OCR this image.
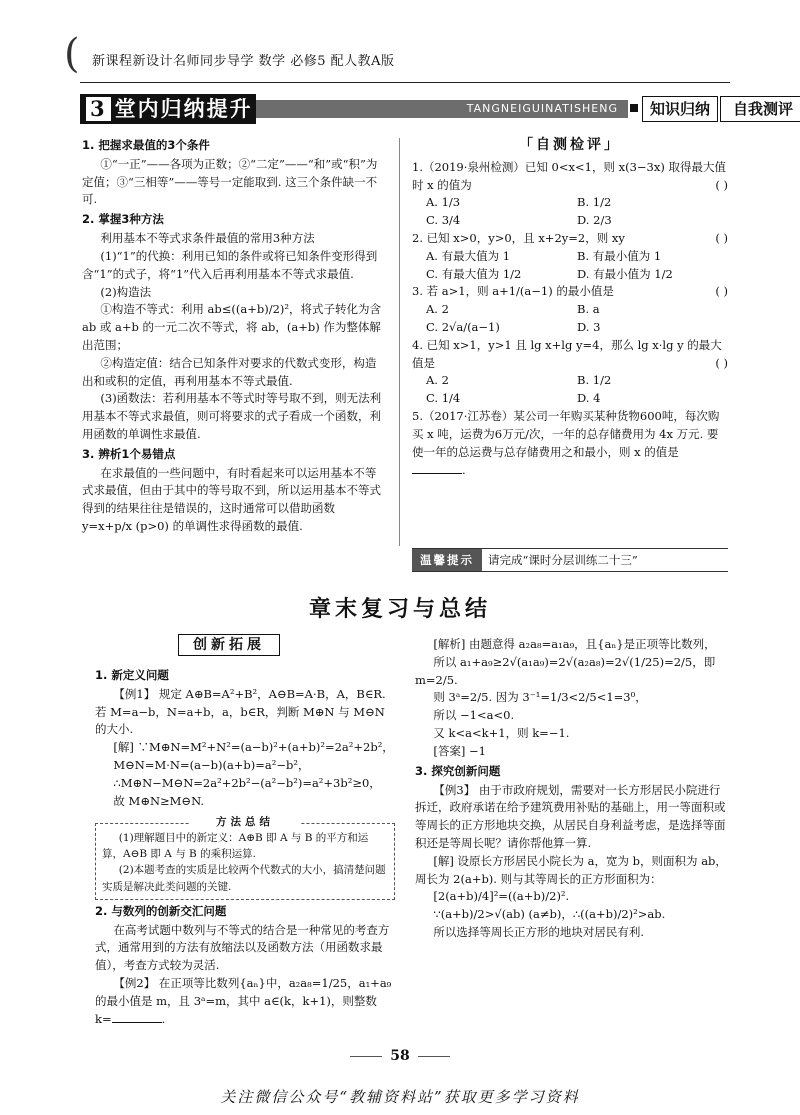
( 新课程新设计名师同步导学 数学 必修5 配人教A版
3 堂内归纳提升	TANGNEIGUINATISHENG	知识归纳	自我测评
1. 把握求最值的3个条件

①“一正”——各项为正数；②“二定”——“和”或“积”为定值；③“三相等”——等号一定能取到. 这三个条件缺一不可.

2. 掌握3种方法

利用基本不等式求条件最值的常用3种方法

(1)“1”的代换：利用已知的条件或将已知条件变形得到含“1”的式子，将“1”代入后再利用基本不等式求最值.

(2)构造法

①构造不等式：利用 ab≤((a+b)/2)²，将式子转化为含 ab 或 a+b 的一元二次不等式，将 ab，(a+b) 作为整体解出范围；

②构造定值：结合已知条件对要求的代数式变形，构造出和或积的定值，再利用基本不等式最值.

(3)函数法：若利用基本不等式时等号取不到，则无法利用基本不等式求最值，则可将要求的式子看成一个函数，利用函数的单调性求最值.

3. 辨析1个易错点

在求最值的一些问题中，有时看起来可以运用基本不等式求最值，但由于其中的等号取不到，所以运用基本不等式得到的结果往往是错误的，这时通常可以借助函数 y=x+p/x (p>0) 的单调性求得函数的最值.

「自测检评」

1.（2019·泉州检测）已知 0<x<1，则 x(3−3x) 取得最大值时 x 的值为	( )

A. 1/3	B. 1/2
C. 3/4	D. 2/3

2. 已知 x>0，y>0，且 x+2y=2，则 xy	( )

A. 有最大值为 1	B. 有最小值为 1
C. 有最大值为 1/2	D. 有最小值为 1/2

3. 若 a>1，则 a+1/(a−1) 的最小值是	( )

A. 2	B. a
C. 2√a/(a−1)	D. 3

4. 已知 x>1，y>1 且 lg x+lg y=4，那么 lg x·lg y 的最大值是	( )

A. 2	B. 1/2
C. 1/4	D. 4

5.（2017·江苏卷）某公司一年购买某种货物600吨，每次购买 x 吨，运费为6万元/次，一年的总存储费用为 4x 万元. 要使一年的总运费与总存储费用之和最小，则 x 的值是.

温馨提示 请完成“课时分层训练二十三”
章末复习与总结
创新拓展
1. 新定义问题

【例1】 规定 A⊕B=A²+B²，A⊖B=A·B，A，B∈R. 若 M=a−b，N=a+b，a，b∈R，判断 M⊕N 与 M⊖N 的大小.

[解] ∵M⊕N=M²+N²=(a−b)²+(a+b)²=2a²+2b²，

M⊖N=M·N=(a−b)(a+b)=a²−b²，

∴M⊕N−M⊖N=2a²+2b²−(a²−b²)=a²+3b²≥0，

故 M⊕N≥M⊖N.

方法总结

(1)理解题目中的新定义：A⊕B 即 A 与 B 的平方和运算，A⊖B 即 A 与 B 的乘积运算.

(2)本题考查的实质是比较两个代数式的大小，搞清楚问题实质是解决此类问题的关键.

2. 与数列的创新交汇问题

在高考试题中数列与不等式的结合是一种常见的考查方式，通常用到的方法有放缩法以及函数方法（用函数求最值），考查方式较为灵活.

【例2】 在正项等比数列{aₙ}中，a₂a₈=1/25，a₁+a₉ 的最小值是 m，且 3ᵃ=m，其中 a∈(k，k+1)，则整数 k=	.

[解析] 由题意得 a₂a₈=a₁a₉，且{aₙ}是正项等比数列，

所以 a₁+a₉≥2√(a₁a₉)=2√(a₂a₈)=2√(1/25)=2/5，即 m=2/5.

则 3ᵃ=2/5. 因为 3⁻¹=1/3<2/5<1=3⁰，

所以 −1<a<0.

又 k<a<k+1，则 k=−1.

[答案] −1

3. 探究创新问题

【例3】 由于市政府规划，需要对一长方形居民小院进行拆迁，政府承诺在给予建筑费用补贴的基础上，用一等面积或等周长的正方形地块交换，从居民自身利益考虑，是选择等面积还是等周长呢？请你帮他算一算.

[解] 设原长方形居民小院长为 a，宽为 b，则面积为 ab，周长为 2(a+b). 则与其等周长的正方形面积为：

[2(a+b)/4]²=((a+b)/2)².

∵(a+b)/2>√(ab) (a≠b)，∴((a+b)/2)²>ab.

所以选择等周长正方形的地块对居民有利.

58
关注微信公众号“教辅资料站”获取更多学习资料
